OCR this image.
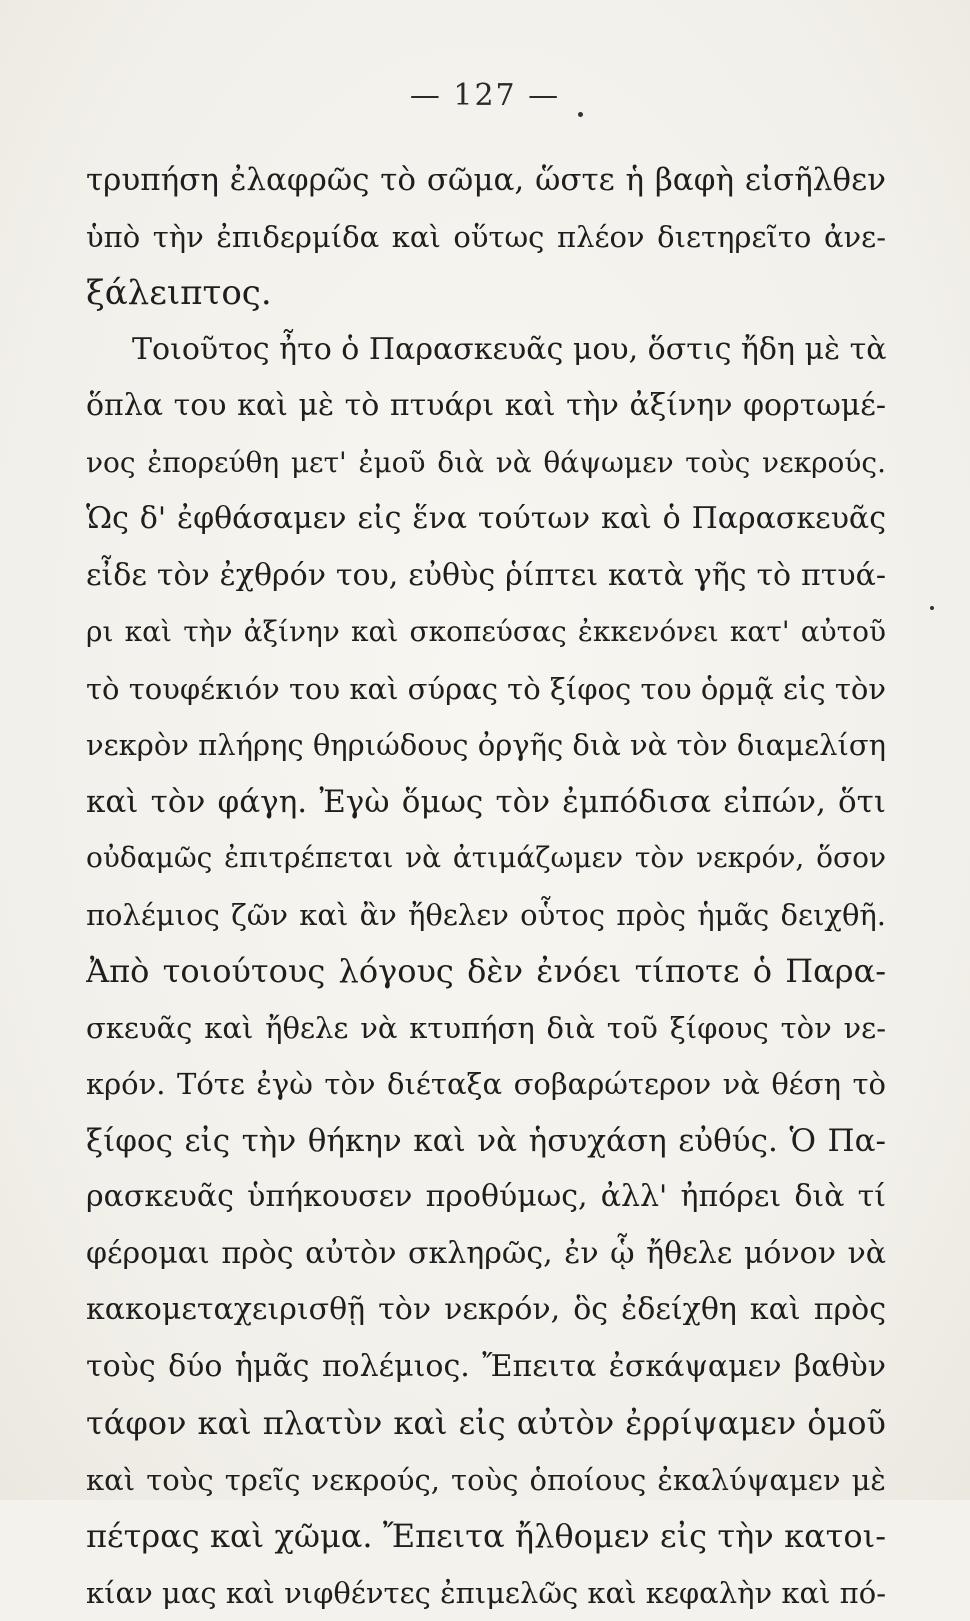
— 127 —
τρυπήση ἐλαφρῶς τὸ σῶμα, ὥστε ἡ βαφὴ εἰσῆλθεν
ὑπὸ τὴν ἐπιδερμίδα καὶ οὕτως πλέον διετηρεῖτο ἀνε-
ξάλειπτος.
Τοιοῦτος ἦτο ὁ Παρασκευᾶς μου, ὅστις ἤδη μὲ τὰ
ὅπλα του καὶ μὲ τὸ πτυάρι καὶ τὴν ἀξίνην φορτωμέ-
νος ἐπορεύθη μετ' ἐμοῦ διὰ νὰ θάψωμεν τοὺς νεκρούς.
Ὡς δ' ἐφθάσαμεν εἰς ἕνα τούτων καὶ ὁ Παρασκευᾶς
εἶδε τὸν ἐχθρόν του, εὐθὺς ῥίπτει κατὰ γῆς τὸ πτυά-
ρι καὶ τὴν ἀξίνην καὶ σκοπεύσας ἐκκενόνει κατ' αὐτοῦ
τὸ τουφέκιόν του καὶ σύρας τὸ ξίφος του ὁρμᾷ εἰς τὸν
νεκρὸν πλήρης θηριώδους ὀργῆς διὰ νὰ τὸν διαμελίση
καὶ τὸν φάγη. Ἐγὼ ὅμως τὸν ἐμπόδισα εἰπών, ὅτι
οὐδαμῶς ἐπιτρέπεται νὰ ἀτιμάζωμεν τὸν νεκρόν, ὅσον
πολέμιος ζῶν καὶ ἂν ἤθελεν οὗτος πρὸς ἡμᾶς δειχθῆ.
Ἀπὸ τοιούτους λόγους δὲν ἐνόει τίποτε ὁ Παρα-
σκευᾶς καὶ ἤθελε νὰ κτυπήση διὰ τοῦ ξίφους τὸν νε-
κρόν. Τότε ἐγὼ τὸν διέταξα σοβαρώτερον νὰ θέση τὸ
ξίφος εἰς τὴν θήκην καὶ νὰ ἡσυχάση εὐθύς. Ὁ Πα-
ρασκευᾶς ὑπήκουσεν προθύμως, ἀλλ' ἠπόρει διὰ τί
φέρομαι πρὸς αὐτὸν σκληρῶς, ἐν ᾧ ἤθελε μόνον νὰ
κακομεταχειρισθῇ τὸν νεκρόν, ὃς ἐδείχθη καὶ πρὸς
τοὺς δύο ἡμᾶς πολέμιος. Ἔπειτα ἐσκάψαμεν βαθὺν
τάφον καὶ πλατὺν καὶ εἰς αὐτὸν ἐρρίψαμεν ὁμοῦ
καὶ τοὺς τρεῖς νεκρούς, τοὺς ὁποίους ἐκαλύψαμεν μὲ
πέτρας καὶ χῶμα. Ἔπειτα ἤλθομεν εἰς τὴν κατοι-
κίαν μας καὶ νιφθέντες ἐπιμελῶς καὶ κεφαλὴν καὶ πό-
